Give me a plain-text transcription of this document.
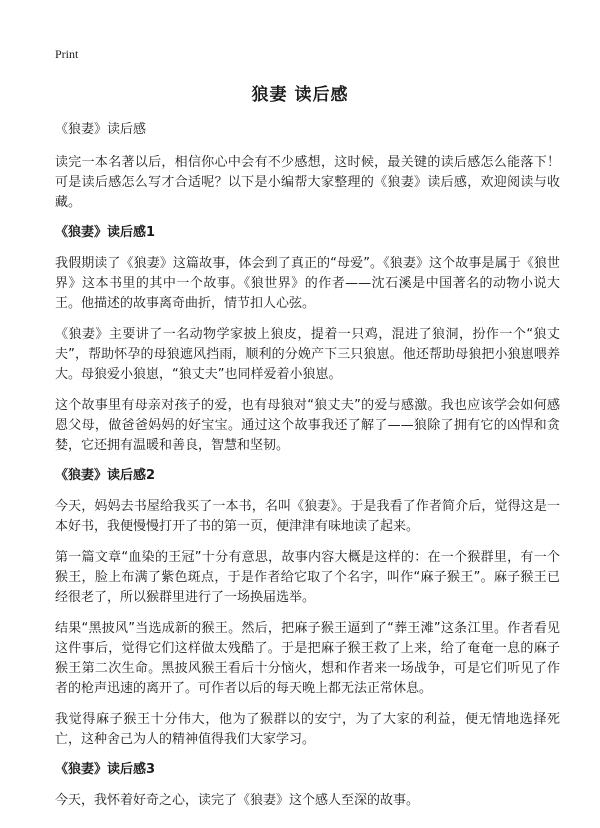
Print
狼妻 读后感

《狼妻》读后感

读完一本名著以后，相信你心中会有不少感想，这时候，最关键的读后感怎么能落下！可是读后感怎么写才合适呢？以下是小编帮大家整理的《狼妻》读后感，欢迎阅读与收藏。

《狼妻》读后感1

我假期读了《狼妻》这篇故事，体会到了真正的“母爱”。《狼妻》这个故事是属于《狼世界》这本书里的其中一个故事。《狼世界》的作者——沈石溪是中国著名的动物小说大王。他描述的故事离奇曲折，情节扣人心弦。

《狼妻》主要讲了一名动物学家披上狼皮，提着一只鸡，混进了狼洞，扮作一个“狼丈夫”，帮助怀孕的母狼遮风挡雨，顺利的分娩产下三只狼崽。他还帮助母狼把小狼崽喂养大。母狼爱小狼崽，“狼丈夫”也同样爱着小狼崽。

这个故事里有母亲对孩子的爱，也有母狼对“狼丈夫”的爱与感激。我也应该学会如何感恩父母，做爸爸妈妈的好宝宝。通过这个故事我还了解了——狼除了拥有它的凶悍和贪婪，它还拥有温暖和善良，智慧和坚韧。

《狼妻》读后感2

今天，妈妈去书屋给我买了一本书，名叫《狼妻》。于是我看了作者简介后，觉得这是一本好书，我便慢慢打开了书的第一页，便津津有味地读了起来。

第一篇文章“血染的王冠”十分有意思，故事内容大概是这样的：在一个猴群里，有一个猴王，脸上布满了紫色斑点，于是作者给它取了个名字，叫作“麻子猴王”。麻子猴王已经很老了，所以猴群里进行了一场换届选举。

结果“黑披风”当选成新的猴王。然后，把麻子猴王逼到了“葬王滩”这条江里。作者看见这件事后，觉得它们这样做太残酷了。于是把麻子猴王救了上来，给了奄奄一息的麻子猴王第二次生命。黑披风猴王看后十分恼火，想和作者来一场战争，可是它们听见了作者的枪声迅速的离开了。可作者以后的每天晚上都无法正常休息。

我觉得麻子猴王十分伟大，他为了猴群以的安宁，为了大家的利益，便无情地选择死亡，这种舍己为人的精神值得我们大家学习。

《狼妻》读后感3

今天，我怀着好奇之心，读完了《狼妻》这个感人至深的故事。
